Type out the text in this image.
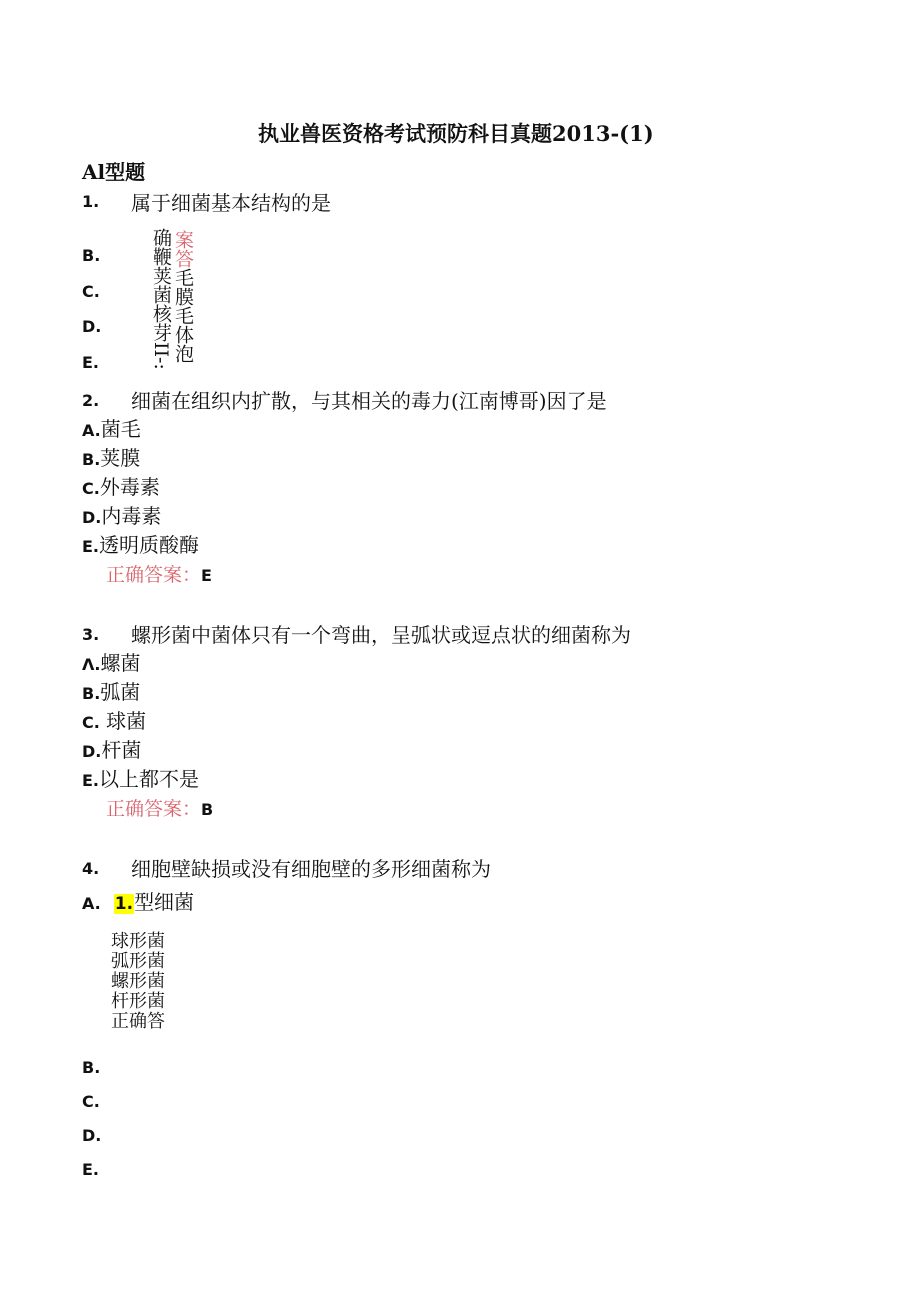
执业兽医资格考试预防科目真题2013-(1)
Al型题
1. 属于细菌基本结构的是
B.
C.
D.
E.
案答毛膜毛体泡
确鞭荚菌核芽II-:
2. 细菌在组织内扩散，与其相关的毒力(江南博哥)因了是
A.菌毛
B.荚膜
C.外毒素
D.内毒素
E.透明质酸酶
正确答案：E
3. 螺形菌中菌体只有一个弯曲，呈弧状或逗点状的细菌称为
Λ.螺菌
B.弧菌
C. 球菌
D.杆菌
E.以上都不是
正确答案：B
4. 细胞壁缺损或没有细胞壁的多形细菌称为
A. 1.型细菌
球形菌
弧形菌
螺形菌
杆形菌
正确答
B.
C.
D.
E.
